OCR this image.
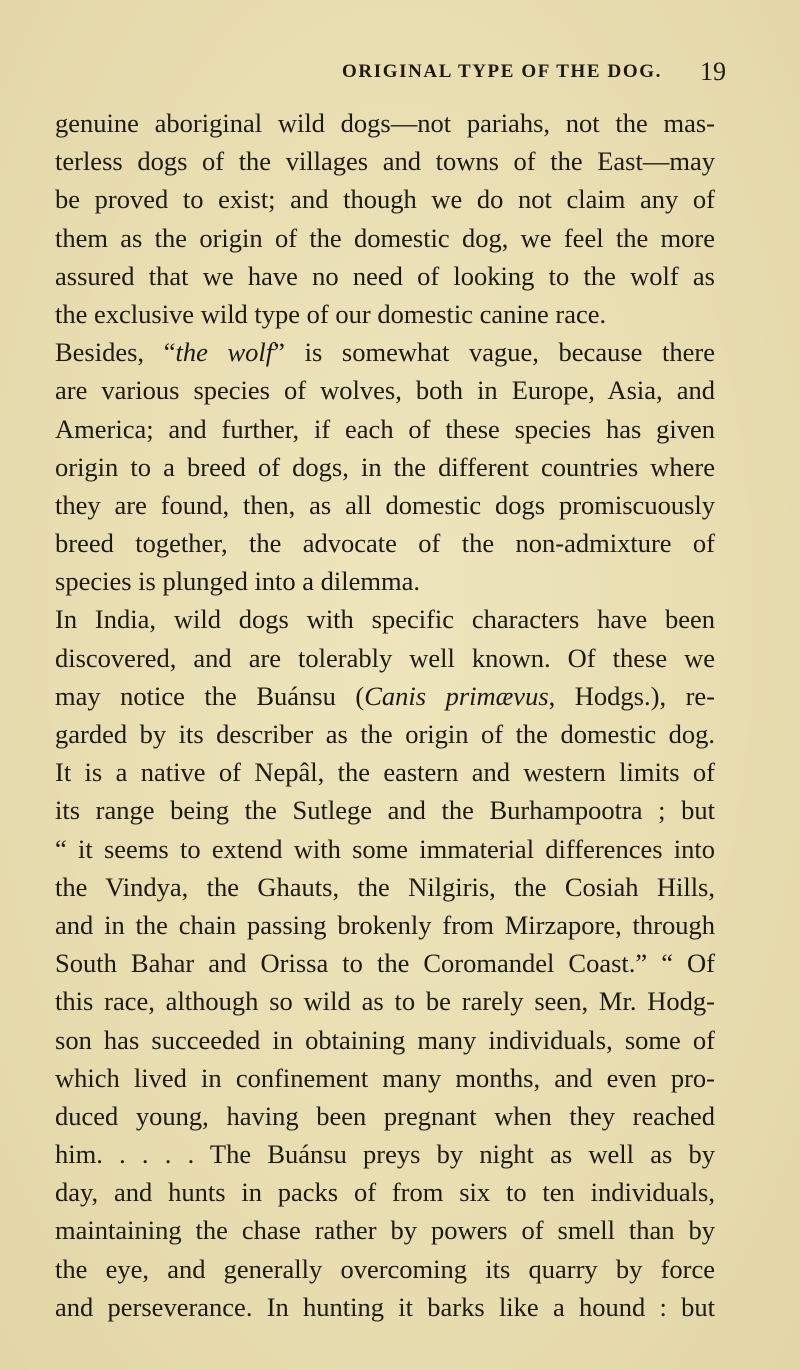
ORIGINAL TYPE OF THE DOG. 19
genuine aboriginal wild dogs—not pariahs, not the mas-
terless dogs of the villages and towns of the East—may
be proved to exist; and though we do not claim any of
them as the origin of the domestic dog, we feel the more
assured that we have no need of looking to the wolf as
the exclusive wild type of our domestic canine race.
Besides, “the wolf” is somewhat vague, because there
are various species of wolves, both in Europe, Asia, and
America; and further, if each of these species has given
origin to a breed of dogs, in the different countries where
they are found, then, as all domestic dogs promiscuously
breed together, the advocate of the non-admixture of
species is plunged into a dilemma.
In India, wild dogs with specific characters have been
discovered, and are tolerably well known. Of these we
may notice the Buánsu (Canis primævus, Hodgs.), re-
garded by its describer as the origin of the domestic dog.
It is a native of Nepâl, the eastern and western limits of
its range being the Sutlege and the Burhampootra ; but
“ it seems to extend with some immaterial differences into
the Vindya, the Ghauts, the Nilgiris, the Cosiah Hills,
and in the chain passing brokenly from Mirzapore, through
South Bahar and Orissa to the Coromandel Coast.” “ Of
this race, although so wild as to be rarely seen, Mr. Hodg-
son has succeeded in obtaining many individuals, some of
which lived in confinement many months, and even pro-
duced young, having been pregnant when they reached
him. . . . . The Buánsu preys by night as well as by
day, and hunts in packs of from six to ten individuals,
maintaining the chase rather by powers of smell than by
the eye, and generally overcoming its quarry by force
and perseverance. In hunting it barks like a hound : but
